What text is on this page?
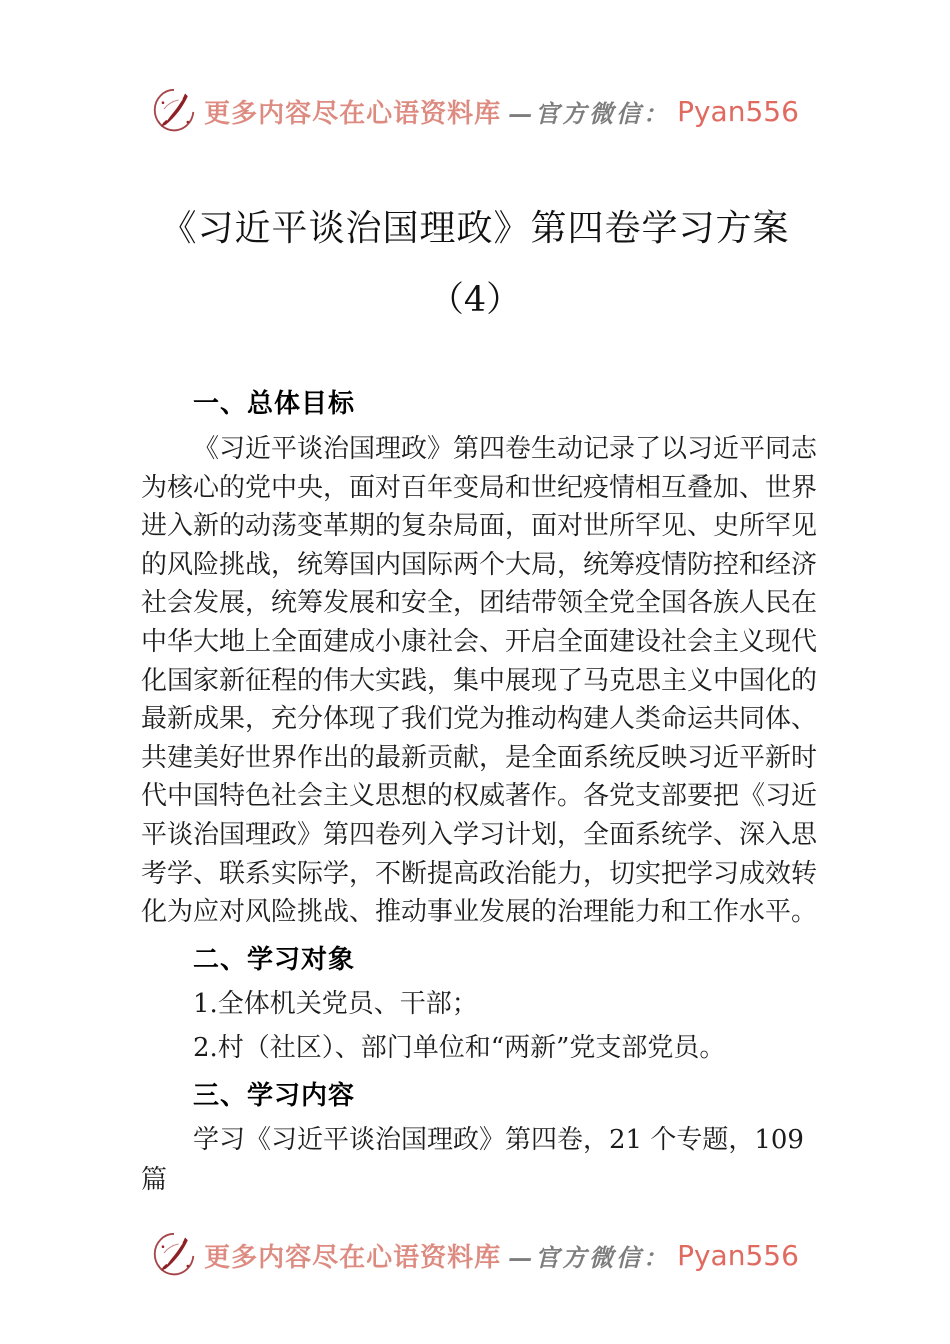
更多内容尽在心语资料库 —官方微信： Pyan556
《习近平谈治国理政》第四卷学习方案
（4）
一、总体目标

《习近平谈治国理政》第四卷生动记录了以习近平同志为核心的党中央，面对百年变局和世纪疫情相互叠加、世界进入新的动荡变革期的复杂局面，面对世所罕见、史所罕见的风险挑战，统筹国内国际两个大局，统筹疫情防控和经济社会发展，统筹发展和安全，团结带领全党全国各族人民在中华大地上全面建成小康社会、开启全面建设社会主义现代化国家新征程的伟大实践，集中展现了马克思主义中国化的最新成果，充分体现了我们党为推动构建人类命运共同体、 共建美好世界作出的最新贡献，是全面系统反映习近平新时代中国特色社会主义思想的权威著作。各党支部要把《习近平谈治国理政》第四卷列入学习计划，全面系统学、深入思考学、联系实际学，不断提高政治能力，切实把学习成效转化为应对风险挑战、推动事业发展的治理能力和工作水平。

二、学习对象

1.全体机关党员、干部；

2.村（社区）、部门单位和“两新”党支部党员。

三、学习内容

学习《习近平谈治国理政》第四卷，21 个专题，109 篇

更多内容尽在心语资料库 —官方微信： Pyan556
